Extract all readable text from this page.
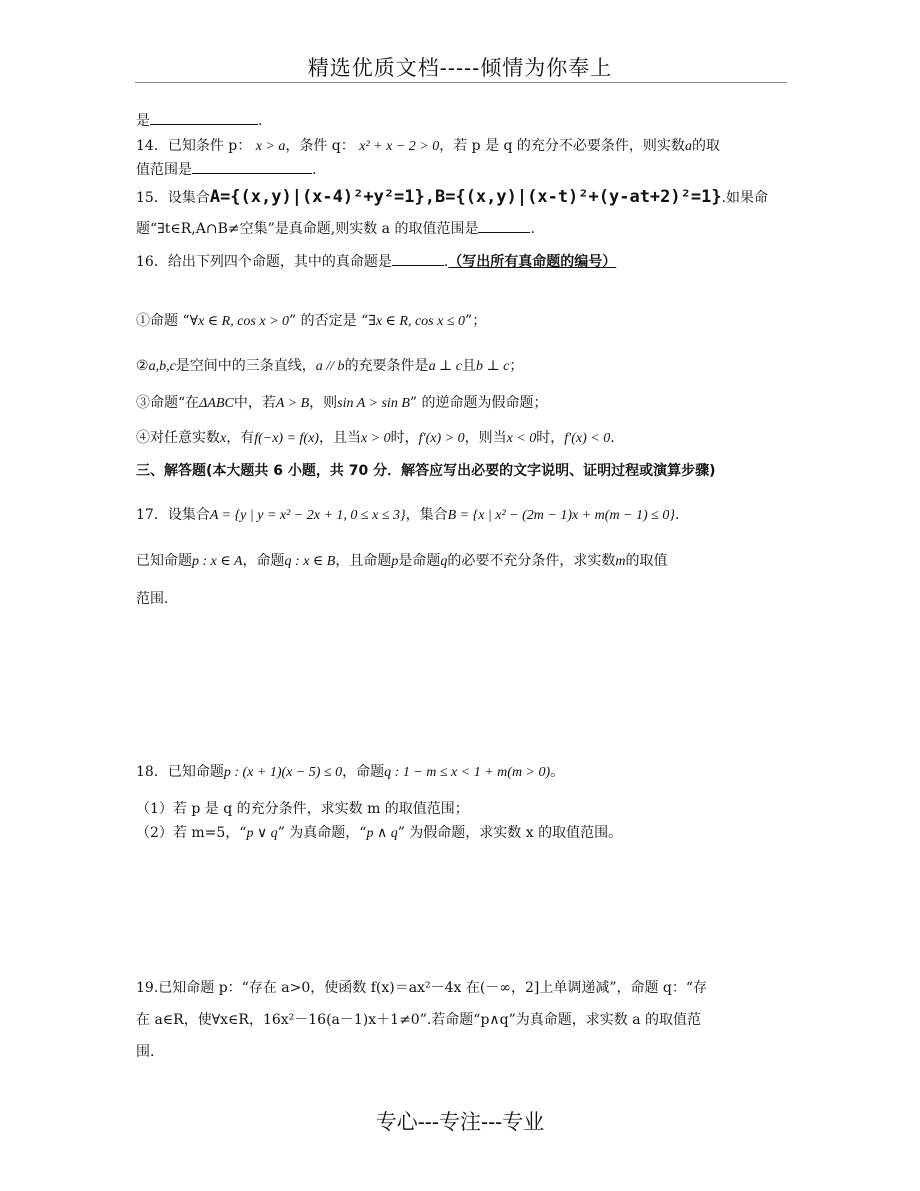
精选优质文档-----倾情为你奉上
是	.
14．已知条件 p： x > a，条件 q： x² + x − 2 > 0，若 p 是 q 的充分不必要条件，则实数a的取
值范围是	.
15．设集合A={(x,y)|(x-4)²+y²=1},B={(x,y)|(x-t)²+(y-at+2)²=1}.如果命
题“∃t∈R,A∩B≠空集”是真命题,则实数 a 的取值范围是	.
16．给出下列四个命题，其中的真命题是	.（写出所有真命题的编号）
①命题 “∀x ∈ R, cos x > 0” 的否定是 “∃x ∈ R, cos x ≤ 0”；
②a,b,c是空间中的三条直线，a // b的充要条件是a ⊥ c且b ⊥ c；
③命题“在ΔABC中，若A > B，则sin A > sin B” 的逆命题为假命题；
④对任意实数x，有f(−x) = f(x)，且当x > 0时，f′(x) > 0，则当x < 0时，f′(x) < 0.
三、解答题(本大题共 6 小题，共 70 分．解答应写出必要的文字说明、证明过程或演算步骤)
17．设集合A = {y | y = x² − 2x + 1, 0 ≤ x ≤ 3}，集合B = {x | x² − (2m − 1)x + m(m − 1) ≤ 0}.
已知命题p : x ∈ A，命题q : x ∈ B，且命题p是命题q的必要不充分条件，求实数m的取值
范围.
18．已知命题p : (x + 1)(x − 5) ≤ 0，命题q : 1 − m ≤ x < 1 + m(m > 0)。
（1）若 p 是 q 的充分条件，求实数 m 的取值范围；
（2）若 m=5，“p ∨ q” 为真命题，“p ∧ q” 为假命题，求实数 x 的取值范围。
19.已知命题 p：“存在 a>0，使函数 f(x)＝ax²－4x 在(－∞，2]上单调递减”，命题 q：“存
在 a∈R，使∀x∈R，16x²－16(a－1)x＋1≠0”.若命题“p∧q”为真命题，求实数 a 的取值范
围.
专心---专注---专业
